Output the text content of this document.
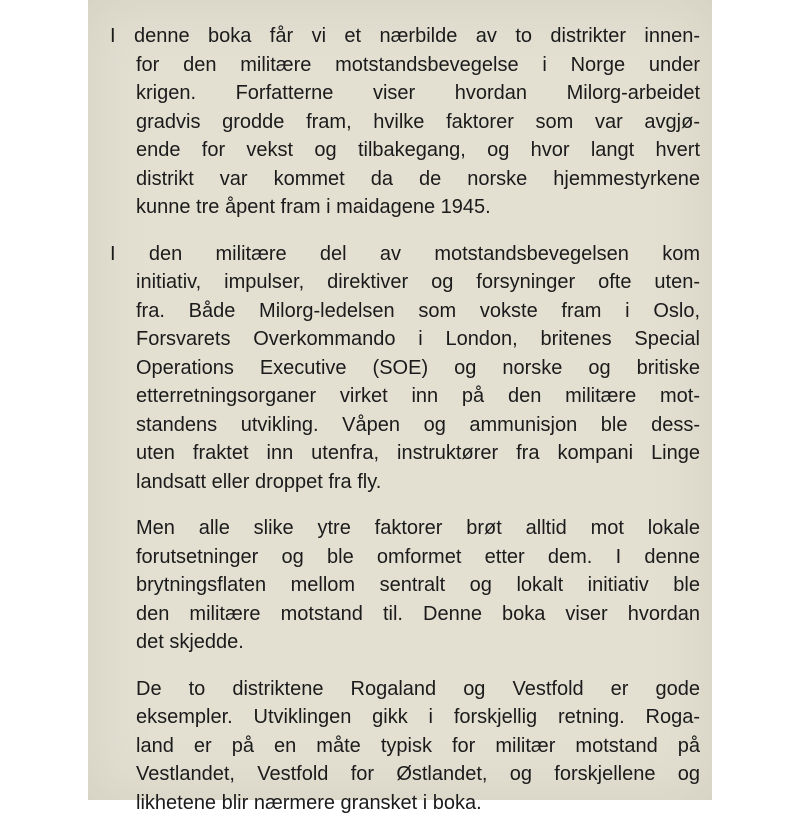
I denne boka får vi et nærbilde av to distrikter innen-
for den militære motstandsbevegelse i Norge under
krigen. Forfatterne viser hvordan Milorg-arbeidet
gradvis grodde fram, hvilke faktorer som var avgjø-
ende for vekst og tilbakegang, og hvor langt hvert
distrikt var kommet da de norske hjemmestyrkene
kunne tre åpent fram i maidagene 1945.
I den militære del av motstandsbevegelsen kom
initiativ, impulser, direktiver og forsyninger ofte uten-
fra. Både Milorg-ledelsen som vokste fram i Oslo,
Forsvarets Overkommando i London, britenes Special
Operations Executive (SOE) og norske og britiske
etterretningsorganer virket inn på den militære mot-
standens utvikling. Våpen og ammunisjon ble dess-
uten fraktet inn utenfra, instruktører fra kompani Linge
landsatt eller droppet fra fly.
Men alle slike ytre faktorer brøt alltid mot lokale
forutsetninger og ble omformet etter dem. I denne
brytningsflaten mellom sentralt og lokalt initiativ ble
den militære motstand til. Denne boka viser hvordan
det skjedde.
De to distriktene Rogaland og Vestfold er gode
eksempler. Utviklingen gikk i forskjellig retning. Roga-
land er på en måte typisk for militær motstand på
Vestlandet, Vestfold for Østlandet, og forskjellene og
likhetene blir nærmere gransket i boka.
